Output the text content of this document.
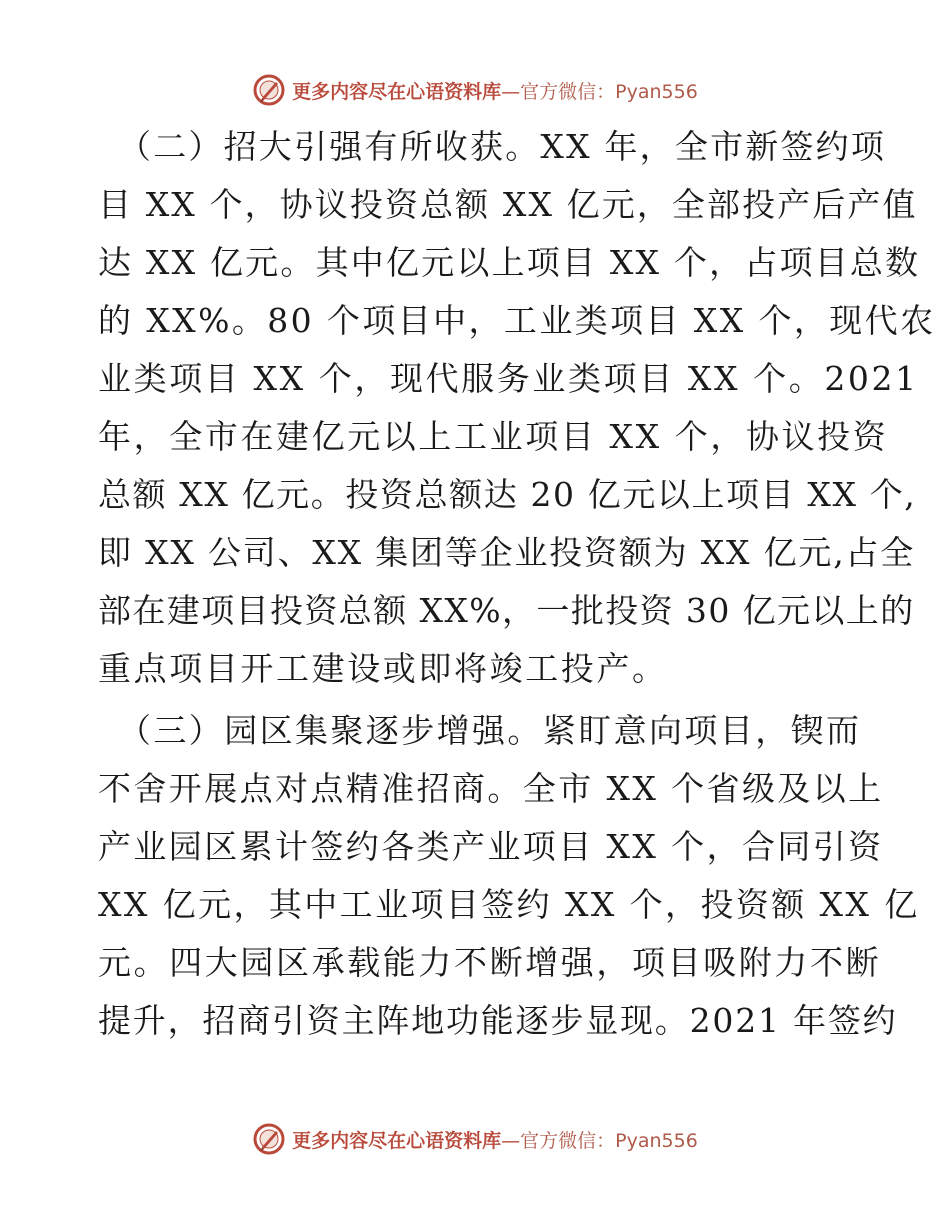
更多内容尽在心语资料库—官方微信：Pyan556
（二）招大引强有所收获。XX 年，全市新签约项
目 XX 个，协议投资总额 XX 亿元，全部投产后产值
达 XX 亿元。其中亿元以上项目 XX 个，占项目总数
的 XX%。80 个项目中，工业类项目 XX 个，现代农
业类项目 XX 个，现代服务业类项目 XX 个。2021
年，全市在建亿元以上工业项目 XX 个，协议投资
总额 XX 亿元。投资总额达 20 亿元以上项目 XX 个,
即 XX 公司、XX 集团等企业投资额为 XX 亿元,占全
部在建项目投资总额 XX%，一批投资 30 亿元以上的
重点项目开工建设或即将竣工投产。
（三）园区集聚逐步增强。紧盯意向项目，锲而
不舍开展点对点精准招商。全市 XX 个省级及以上
产业园区累计签约各类产业项目 XX 个，合同引资
XX 亿元，其中工业项目签约 XX 个，投资额 XX 亿
元。四大园区承载能力不断增强，项目吸附力不断
提升，招商引资主阵地功能逐步显现。2021 年签约
更多内容尽在心语资料库—官方微信：Pyan556
